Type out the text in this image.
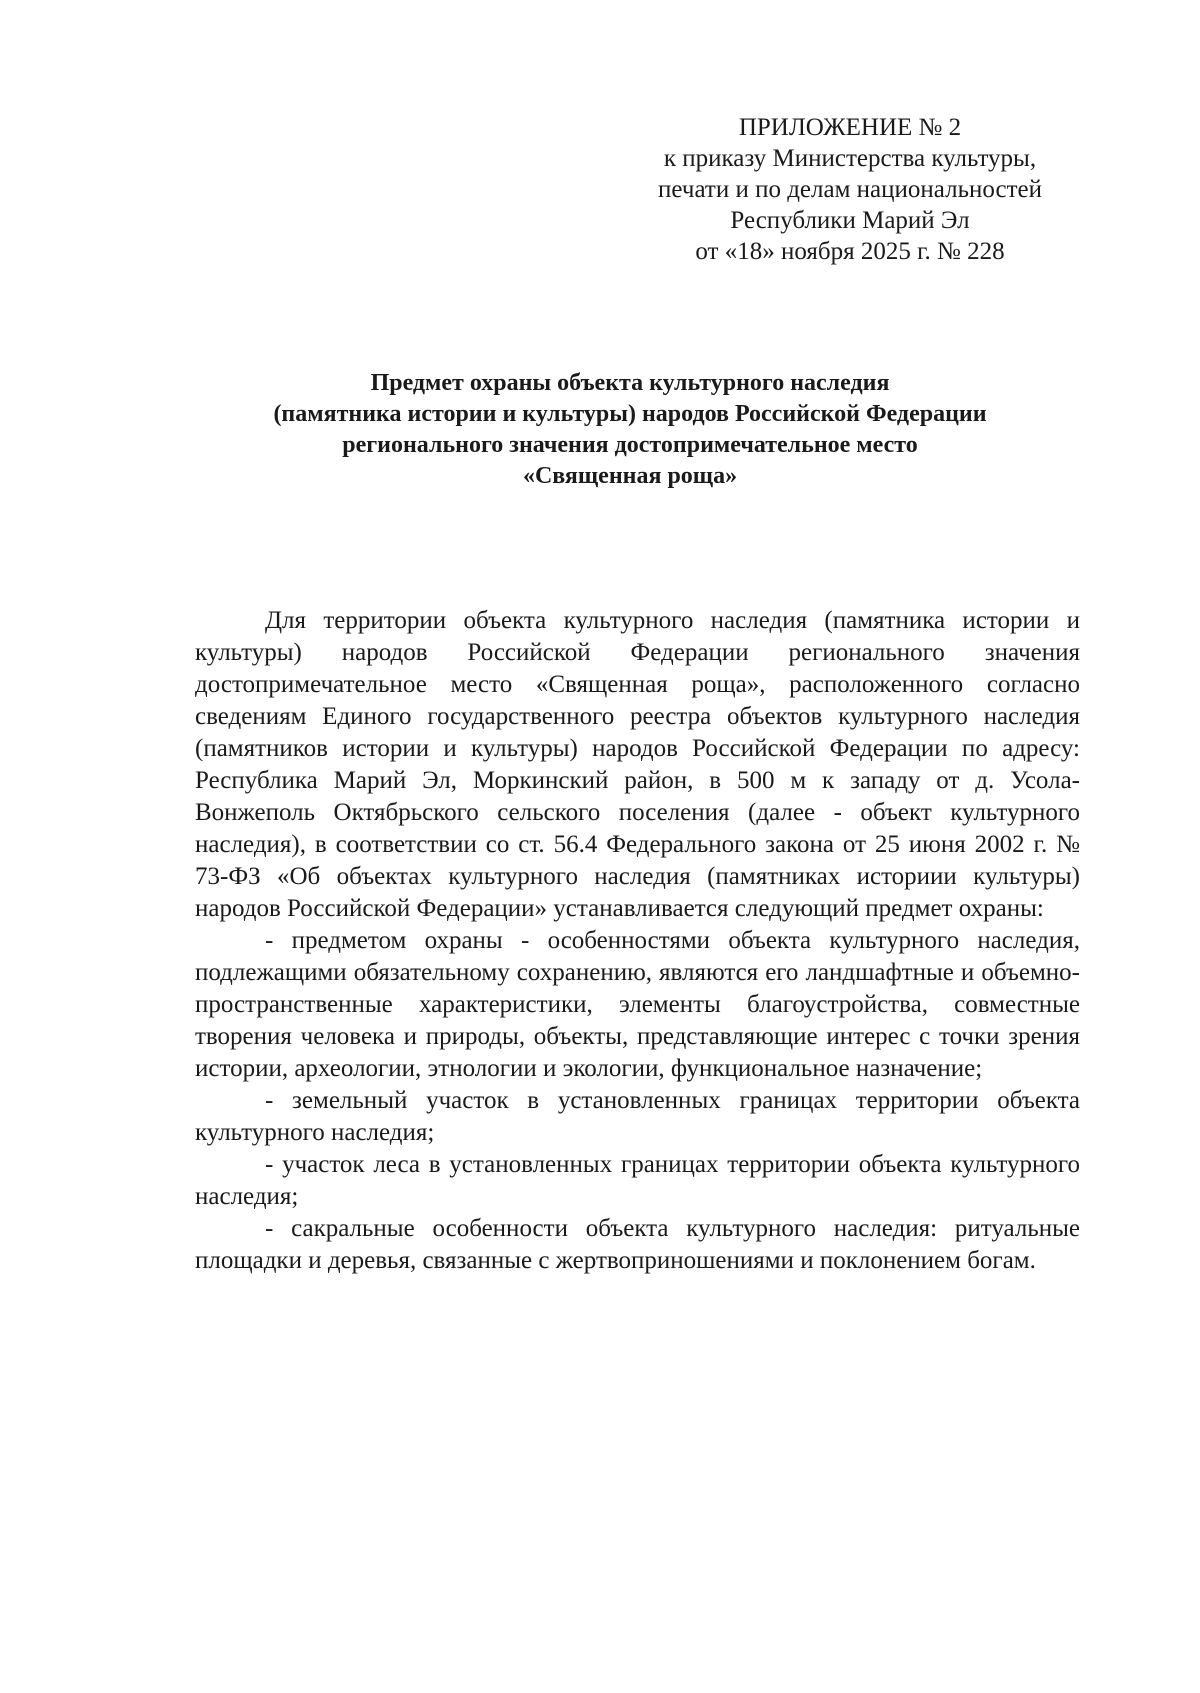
ПРИЛОЖЕНИЕ № 2
к приказу Министерства культуры,
печати и по делам национальностей
Республики Марий Эл
от «18» ноября 2025 г. № 228
Предмет охраны объекта культурного наследия
(памятника истории и культуры) народов Российской Федерации
регионального значения достопримечательное место
«Священная роща»

Для территории объекта культурного наследия (памятника истории и культуры) народов Российской Федерации регионального значения достопримечательное место «Священная роща», расположенного согласно сведениям Единого государственного реестра объектов культурного наследия (памятников истории и культуры) народов Российской Федерации по адресу: Республика Марий Эл, Моркинский район, в 500 м к западу от д. Усола-Вонжеполь Октябрьского сельского поселения (далее - объект культурного наследия), в соответствии со ст. 56.4 Федерального закона от 25 июня 2002 г. № 73-ФЗ «Об объектах культурного наследия (памятниках историии культуры) народов Российской Федерации» устанавливается следующий предмет охраны:

- предметом охраны - особенностями объекта культурного наследия, подлежащими обязательному сохранению, являются его ландшафтные и объемно-пространственные характеристики, элементы благоустройства, совместные творения человека и природы, объекты, представляющие интерес с точки зрения истории, археологии, этнологии и экологии, функциональное назначение;

- земельный участок в установленных границах территории объекта культурного наследия;

- участок леса в установленных границах территории объекта культурного наследия;

- сакральные особенности объекта культурного наследия: ритуальные площадки и деревья, связанные с жертвоприношениями и поклонением богам.
